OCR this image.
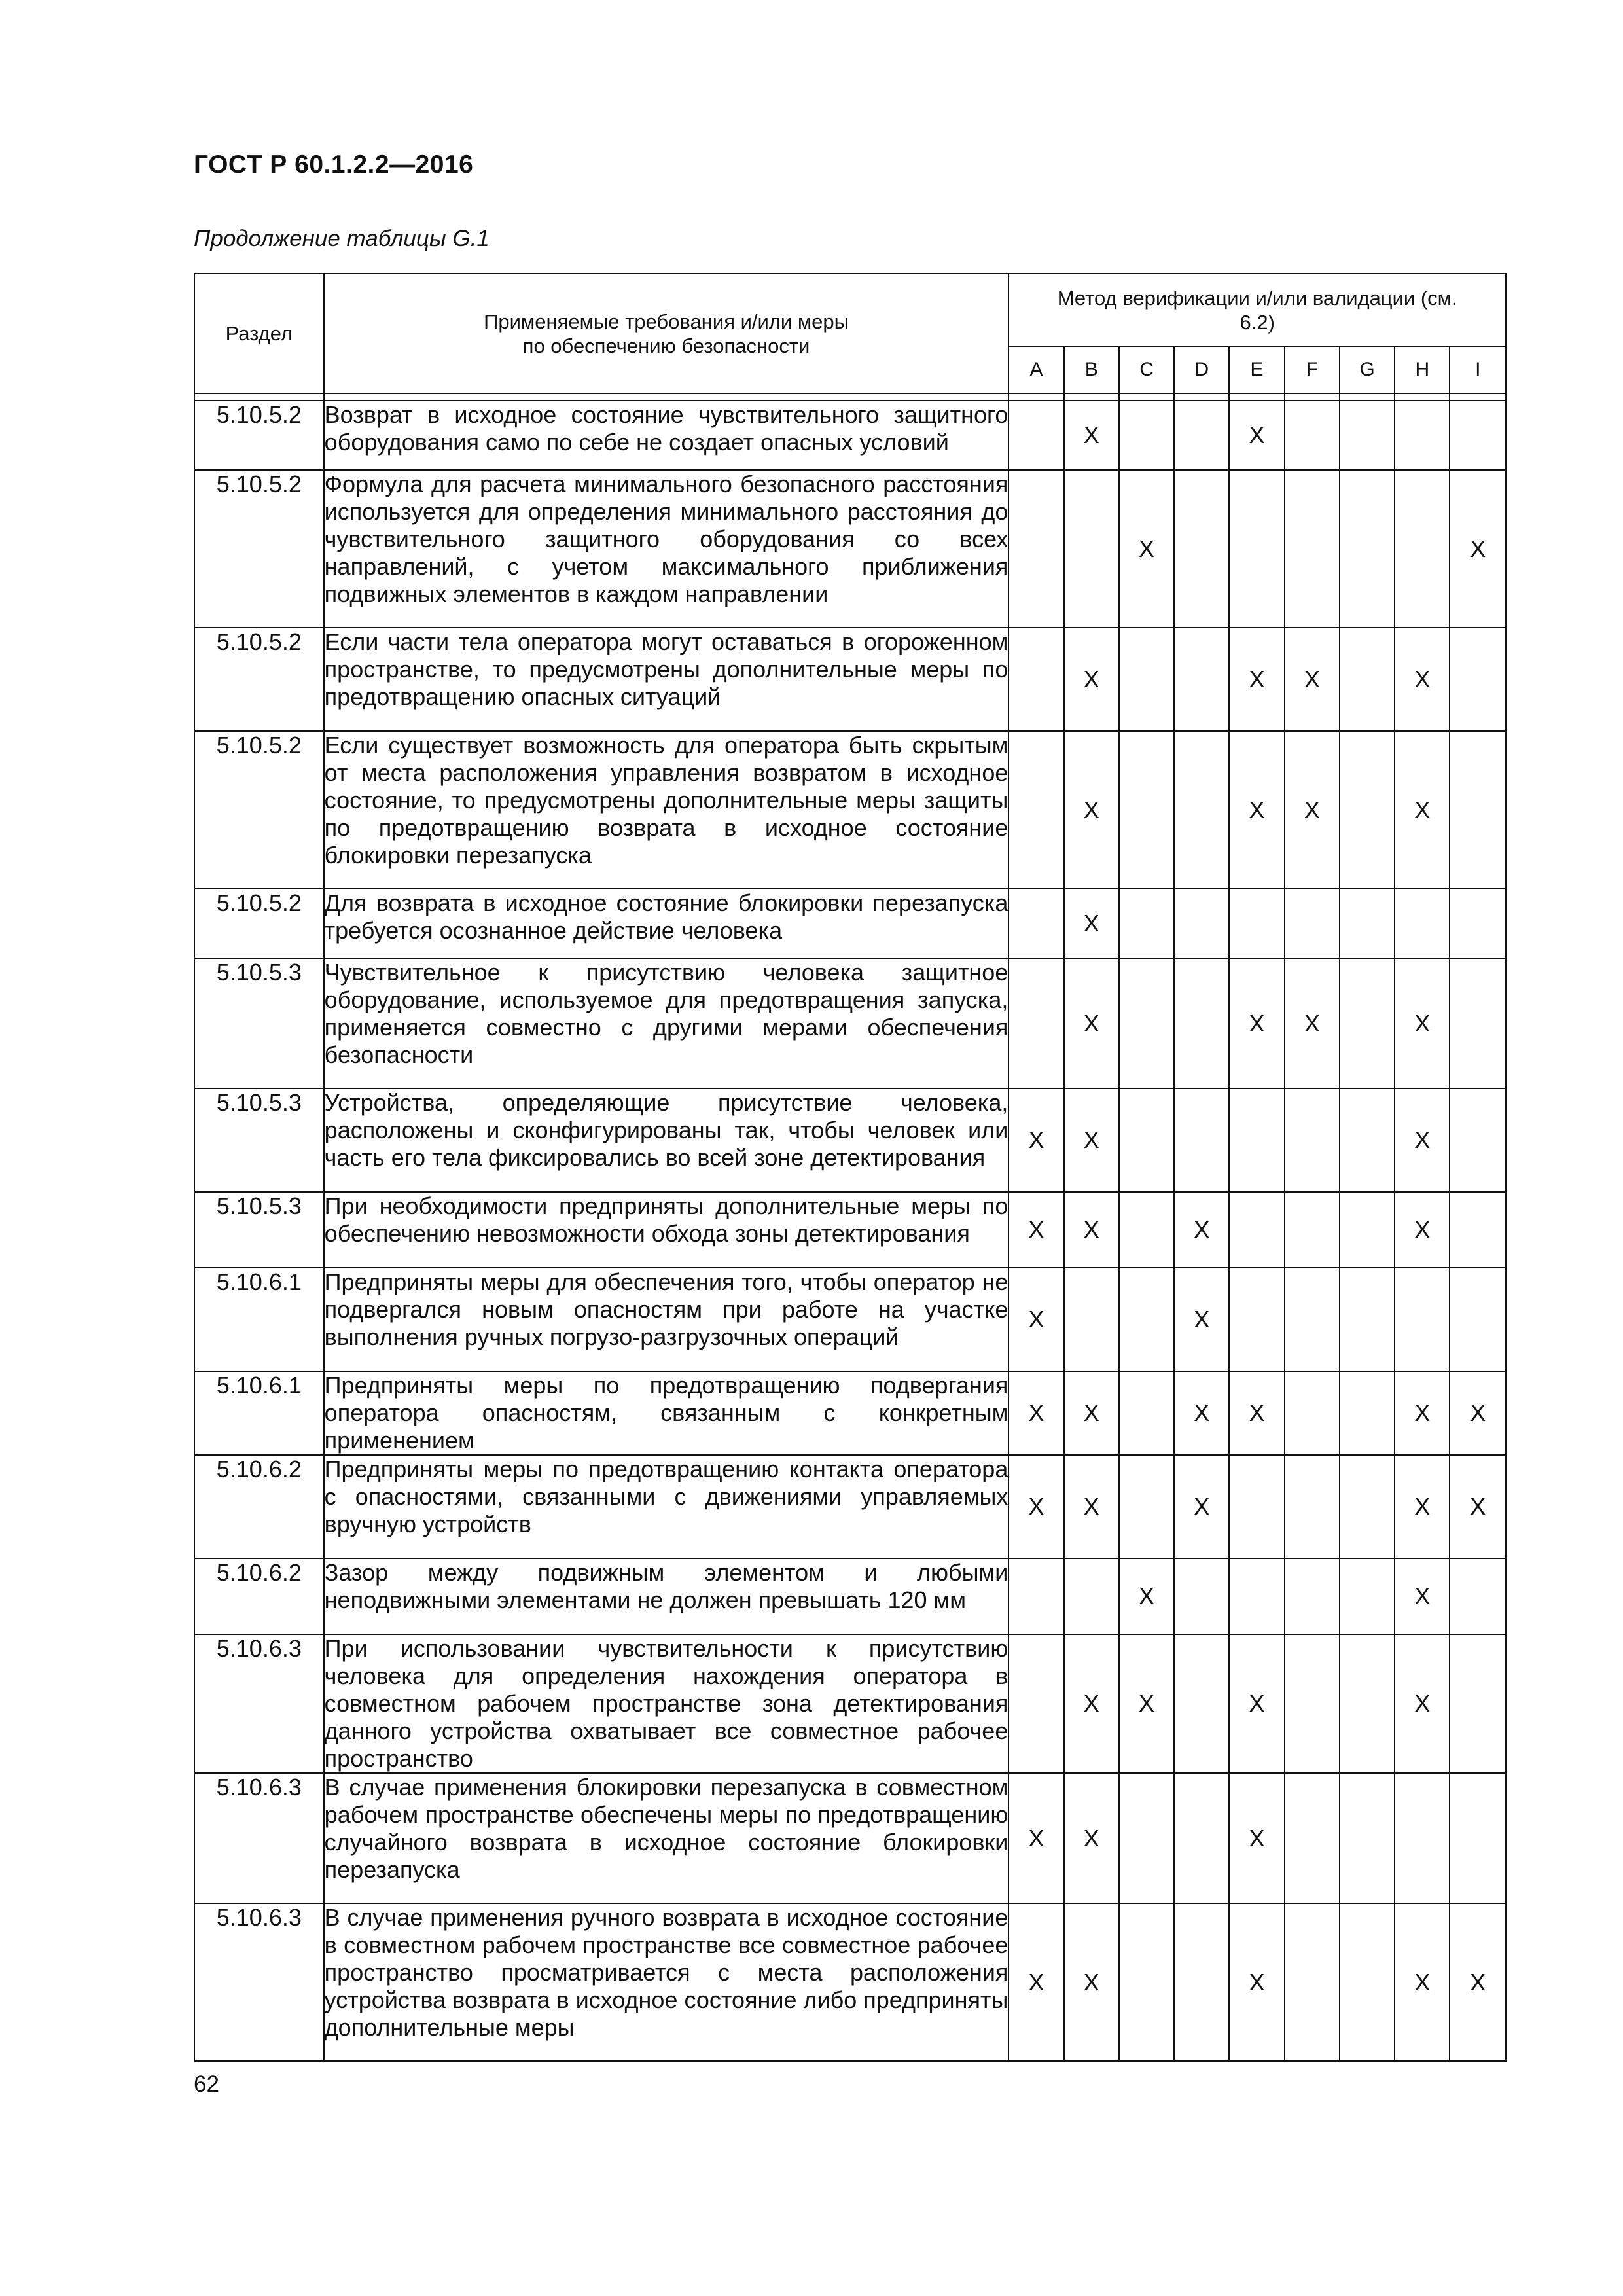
ГОСТ Р 60.1.2.2—2016
Продолжение таблицы G.1
Раздел	Применяемые требования и/или меры по обеспечению безопасности	Метод верификации и/или валидации (см. 6.2)								

		A	B	C	D	E	F	G	H	I

5.10.5.2	Возврат в исходное состояние чувствительного защитного оборудования само по себе не создает опасных условий		X			X				
5.10.5.2	Формула для расчета минимального безопасного расстояния используется для определения минимального расстояния до чувствительного защитного оборудования со всех направлений, с учетом максимального приближения подвижных элементов в каждом направлении			X						X
5.10.5.2	Если части тела оператора могут оставаться в огороженном пространстве, то предусмотрены дополнительные меры по предотвращению опасных ситуаций		X			X	X		X	
5.10.5.2	Если существует возможность для оператора быть скрытым от места расположения управления возвратом в исходное состояние, то предусмотрены дополнительные меры защиты по предотвращению возврата в исходное состояние блокировки перезапуска		X			X	X		X	
5.10.5.2	Для возврата в исходное состояние блокировки перезапуска требуется осознанное действие человека		X							
5.10.5.3	Чувствительное к присутствию человека защитное оборудование, используемое для предотвращения запуска, применяется совместно с другими мерами обеспечения безопасности		X			X	X		X	
5.10.5.3	Устройства, определяющие присутствие человека, расположены и сконфигурированы так, чтобы человек или часть его тела фиксировались во всей зоне детектирования	X	X						X	
5.10.5.3	При необходимости предприняты дополнительные меры по обеспечению невозможности обхода зоны детектирования	X	X		X				X	
5.10.6.1	Предприняты меры для обеспечения того, чтобы оператор не подвергался новым опасностям при работе на участке выполнения ручных погрузо-разгрузочных операций	X			X					
5.10.6.1	Предприняты меры по предотвращению подвергания оператора опасностям, связанным с конкретным применением	X	X		X	X			X	X
5.10.6.2	Предприняты меры по предотвращению контакта оператора с опасностями, связанными с движениями управляемых вручную устройств	X	X		X				X	X
5.10.6.2	Зазор между подвижным элементом и любыми неподвижными элементами не должен превышать 120 мм			X					X	
5.10.6.3	При использовании чувствительности к присутствию человека для определения нахождения оператора в совместном рабочем пространстве зона детектирования данного устройства охватывает все совместное рабочее пространство		X	X		X			X	
5.10.6.3	В случае применения блокировки перезапуска в совместном рабочем пространстве обеспечены меры по предотвращению случайного возврата в исходное состояние блокировки перезапуска	X	X			X				
5.10.6.3	В случае применения ручного возврата в исходное состояние в совместном рабочем пространстве все совместное рабочее пространство просматривается с места расположения устройства возврата в исходное состояние либо предприняты дополнительные меры	X	X			X			X	X
62
